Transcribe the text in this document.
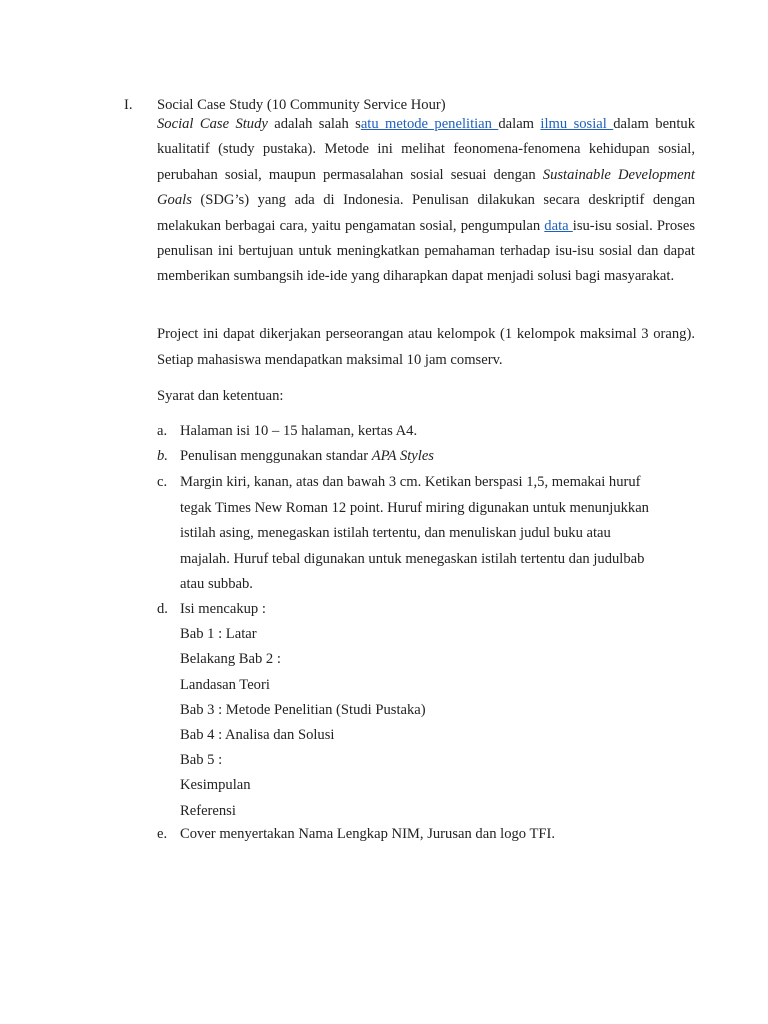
I. Social Case Study (10 Community Service Hour)

Social Case Study adalah salah satu metode penelitian dalam ilmu sosial dalam bentuk kualitatif (study pustaka). Metode ini melihat feonomena-fenomena kehidupan sosial, perubahan sosial, maupun permasalahan sosial sesuai dengan Sustainable Development Goals (SDG’s) yang ada di Indonesia. Penulisan dilakukan secara deskriptif dengan melakukan berbagai cara, yaitu pengamatan sosial, pengumpulan data isu-isu sosial. Proses penulisan ini bertujuan untuk meningkatkan pemahaman terhadap isu-isu sosial dan dapat memberikan sumbangsih ide-ide yang diharapkan dapat menjadi solusi bagi masyarakat.

Project ini dapat dikerjakan perseorangan atau kelompok (1 kelompok maksimal 3 orang). Setiap mahasiswa mendapatkan maksimal 10 jam comserv.

Syarat dan ketentuan:

a. Halaman isi 10 – 15 halaman, kertas A4.
b. Penulisan menggunakan standar APA Styles
c. Margin kiri, kanan, atas dan bawah 3 cm. Ketikan berspasi 1,5, memakai huruf
tegak Times New Roman 12 point. Huruf miring digunakan untuk menunjukkan
istilah asing, menegaskan istilah tertentu, dan menuliskan judul buku atau
majalah. Huruf tebal digunakan untuk menegaskan istilah tertentu dan judulbab
atau subbab.
d. Isi mencakup :
Bab 1 : Latar
Belakang Bab 2 :
Landasan Teori
Bab 3 : Metode Penelitian (Studi Pustaka)
Bab 4 : Analisa dan Solusi
Bab 5 :
Kesimpulan
Referensi
e. Cover menyertakan Nama Lengkap NIM, Jurusan dan logo TFI.
